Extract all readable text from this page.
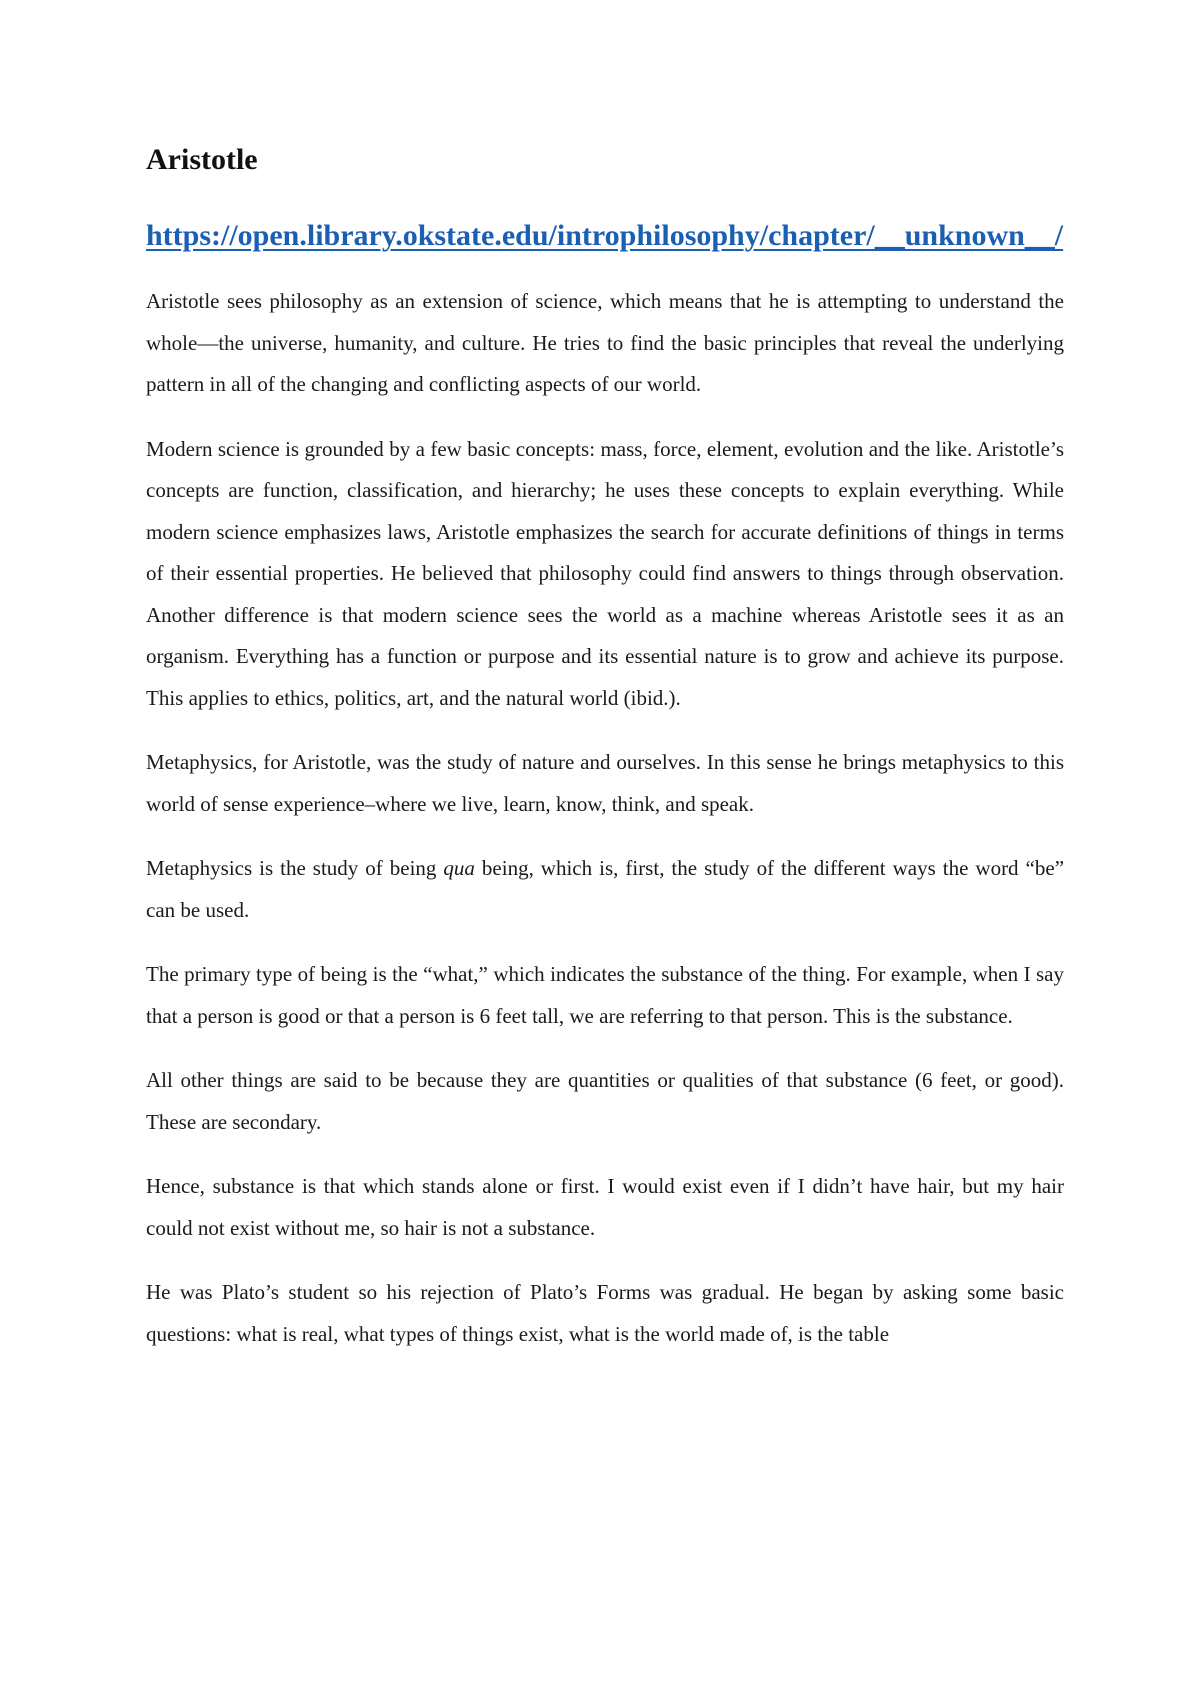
Aristotle
https://open.library.okstate.edu/introphilosophy/chapter/__unknown__/

Aristotle sees philosophy as an extension of science, which means that he is attempting to understand the whole—the universe, humanity, and culture. He tries to find the basic principles that reveal the underlying pattern in all of the changing and conflicting aspects of our world.

Modern science is grounded by a few basic concepts: mass, force, element, evolution and the like. Aristotle’s concepts are function, classification, and hierarchy; he uses these concepts to explain everything. While modern science emphasizes laws, Aristotle emphasizes the search for accurate definitions of things in terms of their essential properties. He believed that philosophy could find answers to things through observation. Another difference is that modern science sees the world as a machine whereas Aristotle sees it as an organism. Everything has a function or purpose and its essential nature is to grow and achieve its purpose. This applies to ethics, politics, art, and the natural world (ibid.).

Metaphysics, for Aristotle, was the study of nature and ourselves. In this sense he brings metaphysics to this world of sense experience–where we live, learn, know, think, and speak.

Metaphysics is the study of being qua being, which is, first, the study of the different ways the word “be” can be used.

The primary type of being is the “what,” which indicates the substance of the thing. For example, when I say that a person is good or that a person is 6 feet tall, we are referring to that person. This is the substance.

All other things are said to be because they are quantities or qualities of that substance (6 feet, or good). These are secondary.

Hence, substance is that which stands alone or first. I would exist even if I didn’t have hair, but my hair could not exist without me, so hair is not a substance.

He was Plato’s student so his rejection of Plato’s Forms was gradual. He began by asking some basic questions: what is real, what types of things exist, what is the world made of, is the table
